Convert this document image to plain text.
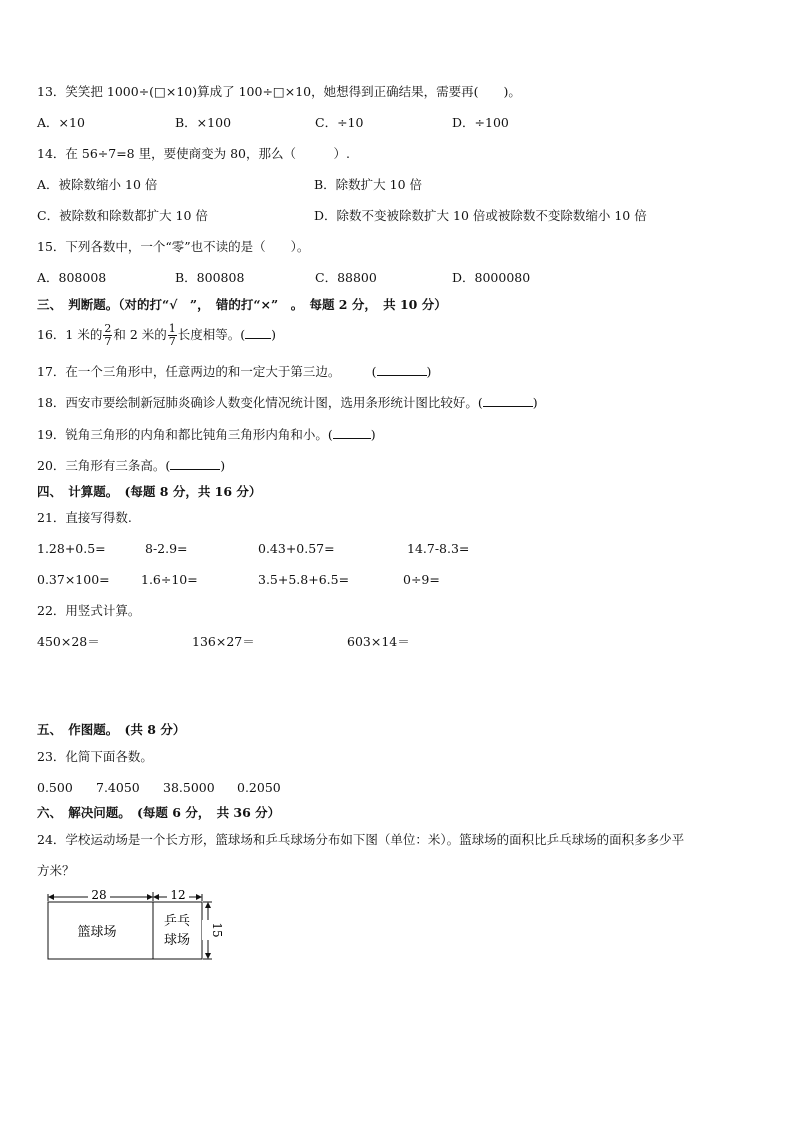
13．笑笑把 1000÷(□×10)算成了 100÷□×10，她想得到正确结果，需要再(　　)。
A．×10	B．×100	C．÷10	D．÷100
14．在 56÷7=8 里，要使商变为 80，那么（　　　）.
A．被除数缩小 10 倍	B．除数扩大 10 倍
C．被除数和除数都扩大 10 倍	D．除数不变被除数扩大 10 倍或被除数不变除数缩小 10 倍
15．下列各数中，一个“零”也不读的是（　　）。
A．808008	B．800808	C．88800	D．8000080
三、　判断题。（对的打“√　”，　错的打“×”　。　每题 2 分，　共 10 分）
16．1 米的 $\frac{2}{7}$ 和 2 米的 $\frac{1}{7}$ 长度相等。( )
17．在一个三角形中，任意两边的和一定大于第三边。　　　(	)
18．西安市要绘制新冠肺炎确诊人数变化情况统计图，选用条形统计图比较好。(	)
19．锐角三角形的内角和都比钝角三角形内角和小。(	)
20．三角形有三条高。(	)
四、　计算题。　(每题 8 分，共 16 分）
21．直接写得数.
1.28+0.5=	8-2.9=	0.43+0.57=	14.7-8.3=
0.37×100=	1.6÷10=	3.5+5.8+6.5=	0÷9=
22．用竖式计算。
450×28＝	136×27＝	603×14＝
五、　作图题。　(共 8 分）
23．化简下面各数。
0.500 7.4050 38.5000 0.2050
六、　解决问题。　(每题 6 分，　共 36 分）
24．学校运动场是一个长方形，篮球场和乒乓球场分布如下图（单位：米）。篮球场的面积比乒乓球场的面积多多少平
方米？
28	12
篮球场
乒乓
球场
15
